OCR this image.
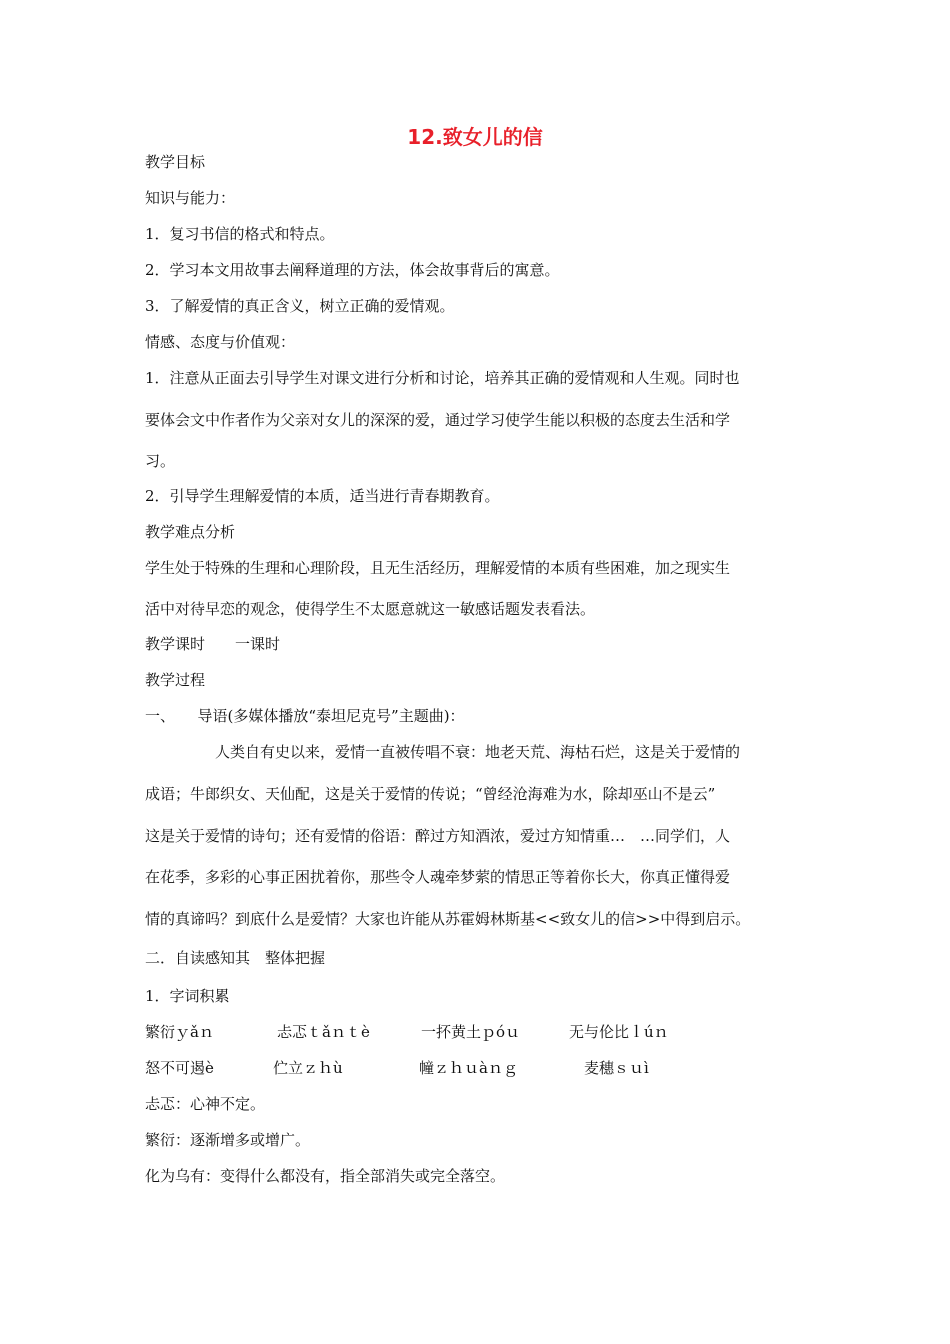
12.致女儿的信
教学目标
知识与能力：
1．复习书信的格式和特点。
2．学习本文用故事去阐释道理的方法，体会故事背后的寓意。
3．了解爱情的真正含义，树立正确的爱情观。
情感、态度与价值观：
1．注意从正面去引导学生对课文进行分析和讨论，培养其正确的爱情观和人生观。同时也
要体会文中作者作为父亲对女儿的深深的爱，通过学习使学生能以积极的态度去生活和学
习。
2．引导学生理解爱情的本质，适当进行青春期教育。
教学难点分析
学生处于特殊的生理和心理阶段，且无生活经历，理解爱情的本质有些困难，加之现实生
活中对待早恋的观念，使得学生不太愿意就这一敏感话题发表看法。
教学课时　　一课时
教学过程
一、　　导语(多媒体播放“泰坦尼克号”主题曲)：
人类自有史以来，爱情一直被传唱不衰：地老天荒、海枯石烂，这是关于爱情的
成语；牛郎织女、天仙配，这是关于爱情的传说；“曾经沧海难为水，除却巫山不是云”
这是关于爱情的诗句；还有爱情的俗语：醉过方知酒浓，爱过方知情重…　…同学们，人
在花季，多彩的心事正困扰着你，那些令人魂牵梦萦的情思正等着你长大，你真正懂得爱
情的真谛吗？到底什么是爱情？大家也许能从苏霍姆林斯基<<致女儿的信>>中得到启示。
二．自读感知其　整体把握
1．字词积累
繁衍ｙǎｎ	忐忑ｔǎｎｔè	一抔黄土ｐóｕ	无与伦比ｌúｎ
怒不可遏è	伫立ｚｈù	幢ｚｈｕàｎｇ	麦穗ｓｕì
忐忑：心神不定。
繁衍：逐渐增多或增广。
化为乌有：变得什么都没有，指全部消失或完全落空。
